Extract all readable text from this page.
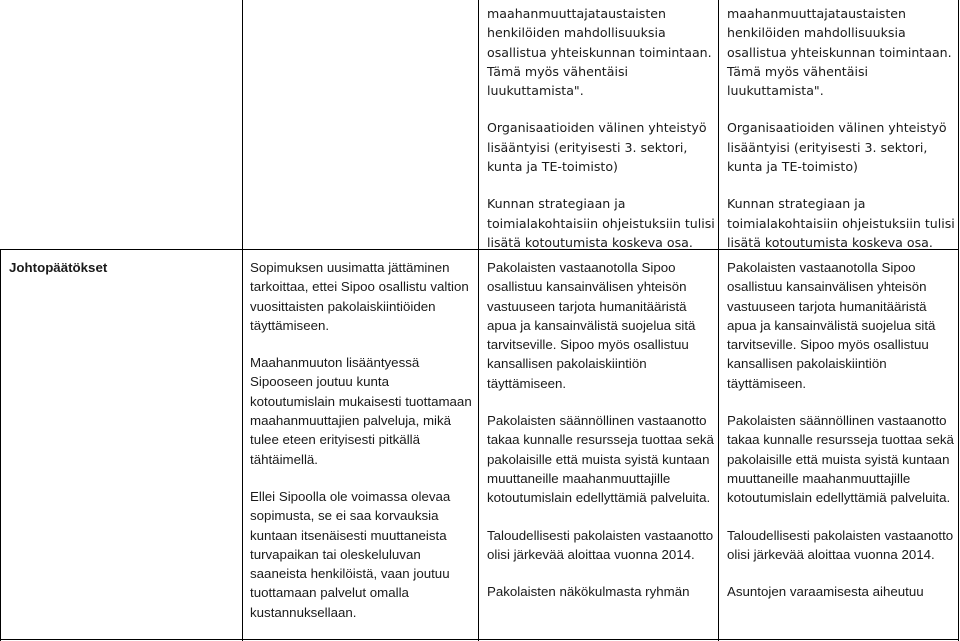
maahanmuuttajataustaisten henkilöiden mahdollisuuksia osallistua yhteiskunnan toimintaan. Tämä myös vähentäisi luukuttamista".

Organisaatioiden välinen yhteistyö lisääntyisi (erityisesti 3. sektori, kunta ja TE-toimisto)

Kunnan strategiaan ja toimialakohtaisiin ohjeistuksiin tulisi lisätä kotoutumista koskeva osa.

maahanmuuttajataustaisten henkilöiden mahdollisuuksia osallistua yhteiskunnan toimintaan. Tämä myös vähentäisi luukuttamista".

Organisaatioiden välinen yhteistyö lisääntyisi (erityisesti 3. sektori, kunta ja TE-toimisto)

Kunnan strategiaan ja toimialakohtaisiin ohjeistuksiin tulisi lisätä kotoutumista koskeva osa.

Johtopäätökset	Sopimuksen uusimatta jättäminen tarkoittaa, ettei Sipoo osallistu valtion vuosittaisten pakolaiskiintiöiden täyttämiseen.

Maahanmuuton lisääntyessä Sipooseen joutuu kunta kotoutumislain mukaisesti tuottamaan maahanmuuttajien palveluja, mikä tulee eteen erityisesti pitkällä tähtäimellä.

Ellei Sipoolla ole voimassa olevaa sopimusta, se ei saa korvauksia kuntaan itsenäisesti muuttaneista turvapaikan tai oleskeluluvan saaneista henkilöistä, vaan joutuu tuottamaan palvelut omalla kustannuksellaan.

Pakolaisten vastaanotolla Sipoo osallistuu kansainvälisen yhteisön vastuuseen tarjota humanitääristä apua ja kansainvälistä suojelua sitä tarvitseville. Sipoo myös osallistuu kansallisen pakolaiskiintiön täyttämiseen.

Pakolaisten säännöllinen vastaanotto takaa kunnalle resursseja tuottaa sekä pakolaisille että muista syistä kuntaan muuttaneille maahanmuuttajille kotoutumislain edellyttämiä palveluita.

Taloudellisesti pakolaisten vastaanotto olisi järkevää aloittaa vuonna 2014.

Pakolaisten näkökulmasta ryhmän

Pakolaisten vastaanotolla Sipoo osallistuu kansainvälisen yhteisön vastuuseen tarjota humanitääristä apua ja kansainvälistä suojelua sitä tarvitseville. Sipoo myös osallistuu kansallisen pakolaiskiintiön täyttämiseen.

Pakolaisten säännöllinen vastaanotto takaa kunnalle resursseja tuottaa sekä pakolaisille että muista syistä kuntaan muuttaneille maahanmuuttajille kotoutumislain edellyttämiä palveluita.

Taloudellisesti pakolaisten vastaanotto olisi järkevää aloittaa vuonna 2014.

Asuntojen varaamisesta aiheutuu
